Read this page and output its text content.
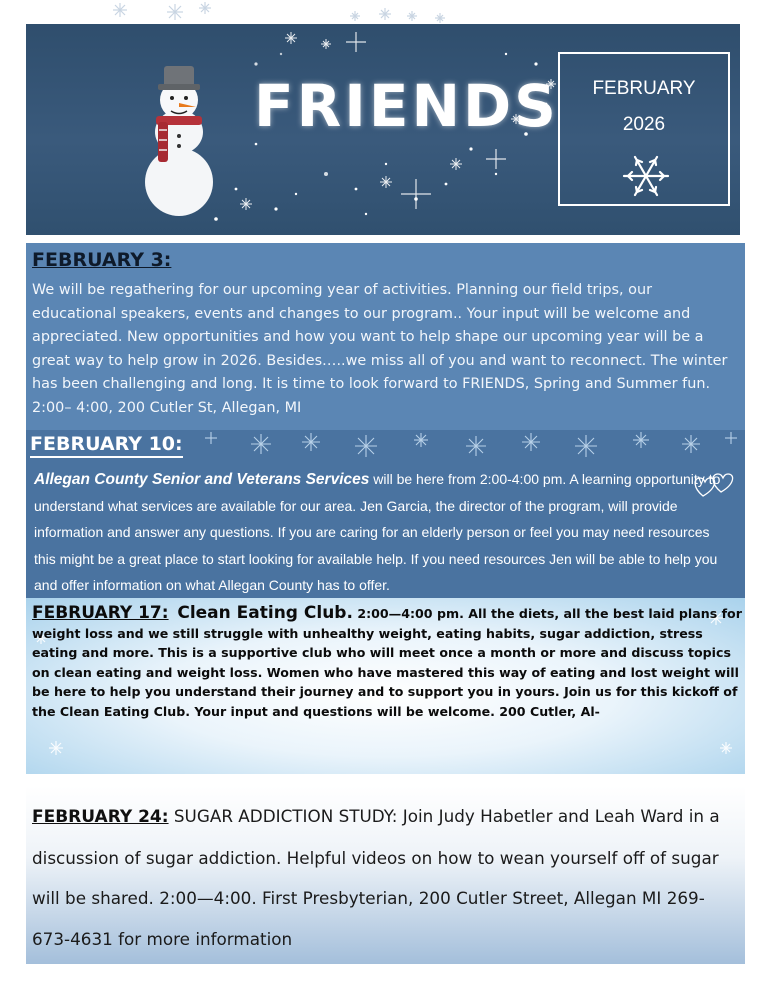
FRIENDS	FEBRUARY
2026
FEBRUARY 3:

We will be regathering for our upcoming year of activities. Planning our field trips, our educational speakers, events and changes to our program.. Your input will be welcome and appreciated. New opportunities and how you want to help shape our upcoming year will be a great way to help grow in 2026. Besides…..we miss all of you and want to reconnect. The winter has been challenging and long. It is time to look forward to FRIENDS, Spring and Summer fun. 2:00– 4:00, 200 Cutler St, Allegan, MI

FEBRUARY 10:

Allegan County Senior and Veterans Services will be here from 2:00-4:00 pm. A learning opportunity to understand what services are available for our area. Jen Garcia, the director of the program, will provide information and answer any questions. If you are caring for an elderly person or feel you may need resources this might be a great place to start looking for available help. If you need resources Jen will be able to help you and offer information on what Allegan County has to offer.

FEBRUARY 17: Clean Eating Club. 2:00—4:00 pm. All the diets, all the best laid plans for weight loss and we still struggle with unhealthy weight, eating habits, sugar addiction, stress eating and more. This is a supportive club who will meet once a month or more and discuss topics on clean eating and weight loss. Women who have mastered this way of eating and lost weight will be here to help you understand their journey and to support you in yours. Join us for this kickoff of the Clean Eating Club. Your input and questions will be welcome. 200 Cutler, Al-

FEBRUARY 24: SUGAR ADDICTION STUDY: Join Judy Habetler and Leah Ward in a discussion of sugar addiction. Helpful videos on how to wean yourself off of sugar will be shared. 2:00—4:00. First Presbyterian, 200 Cutler Street, Allegan MI 269-673-4631 for more information
